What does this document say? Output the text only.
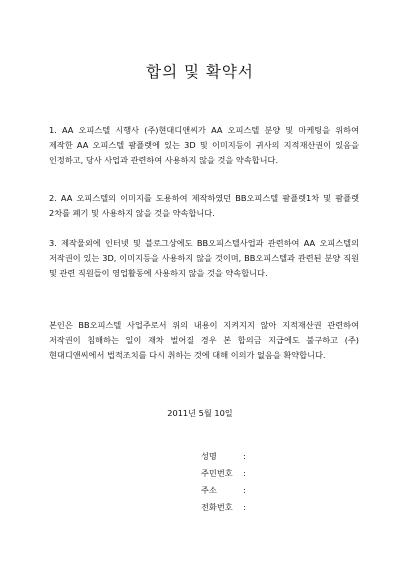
합의 및 확약서

1. AA 오피스텔 시행사 (주)현대디앤씨가 AA 오피스텔 분양 및 마케팅을 위하여 제작한 AA 오피스텔 팜플렛에 있는 3D 및 이미지등이 귀사의 지적재산권이 있음을 인정하고, 당사 사업과 관련하여 사용하지 않을 것을 약속합니다.

2. AA 오피스텔의 이미지를 도용하여 제작하였던 BB오피스텔 팜플렛1차 및 팜플렛 2차를 폐기 및 사용하지 않을 것을 약속합니다.

3. 제작물외에 인터넷 및 블로그상에도 BB오피스텔사업과 관련하여 AA 오피스텔의 저작권이 있는 3D, 이미지등을 사용하지 않을 것이며, BB오피스텔과 관련된 분양 직원 및 관련 직원들이 영업활동에 사용하지 않을 것을 약속합니다.

본인은 BB오피스텔 사업주로서 위의 내용이 지켜지지 않아 지적재산권 관련하여 저작권이 침해하는 일이 재차 벌어질 경우 본 합의금 지급에도 불구하고 (주)현대디앤씨에서 법적조치를 다시 취하는 것에 대해 이의가 없음을 확약합니다.

2011년 5월 10일
성명	:
주민번호	:
주소	:
전화번호	:
